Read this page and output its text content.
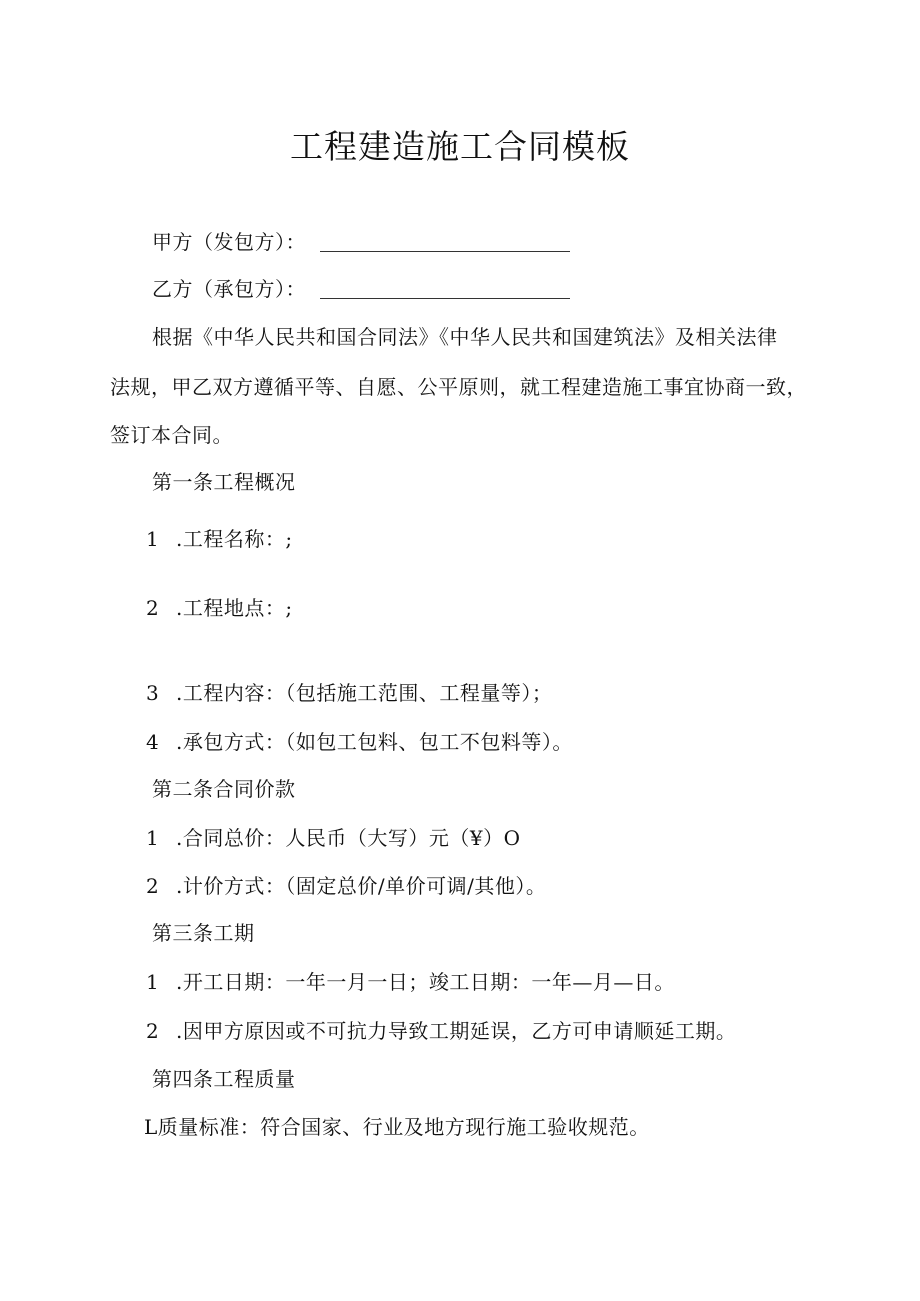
工程建造施工合同模板
甲方（发包方）：
乙方（承包方）：
根据《中华人民共和国合同法》《中华人民共和国建筑法》及相关法律
法规，甲乙双方遵循平等、自愿、公平原则，就工程建造施工事宜协商一致，
签订本合同。
第一条工程概况
1 .工程名称：;
2 .工程地点：;
3 .工程内容：（包括施工范围、工程量等）；
4 .承包方式：（如包工包料、包工不包料等）。
第二条合同价款
1 .合同总价：人民币（大写）元（¥）O
2 .计价方式：（固定总价/单价可调/其他）。
第三条工期
1 .开工日期：一年一月一日；竣工日期：一年—月—日。
2 .因甲方原因或不可抗力导致工期延误，乙方可申请顺延工期。
第四条工程质量
L质量标准：符合国家、行业及地方现行施工验收规范。
